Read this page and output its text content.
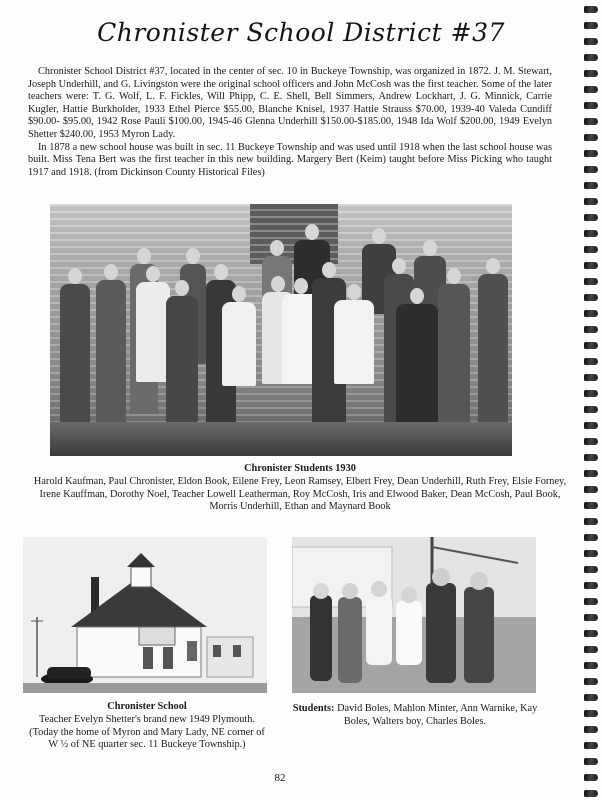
Chronister School District #37

Chronister School District #37, located in the center of sec. 10 in Buckeye Township, was organized in 1872. J. M. Stewart, Joseph Underhill, and G. Livingston were the original school officers and John McCosh was the first teacher. Some of the later teachers were: T. G. Wolf, L. F. Fickles, Will Phipp, C. E. Shell, Bell Simmers, Andrew Lockhart, J. G. Minnick, Carrie Kugler, Hattie Burkholder, 1933 Ethel Pierce $55.00, Blanche Knisel, 1937 Hattie Strauss $70.00, 1939-40 Valeda Cundiff $90.00- $95.00, 1942 Rose Pauli $100.00, 1945-46 Glenna Underhill $150.00-$185.00, 1948 Ida Wolf $200.00, 1949 Evelyn Shetter $240.00, 1953 Myron Lady.

In 1878 a new school house was built in sec. 11 Buckeye Township and was used until 1918 when the last school house was built. Miss Tena Bert was the first teacher in this new building. Margery Bert (Keim) taught before Miss Picking who taught 1917 and 1918. (from Dickinson County Historical Files)

Chronister Students 1930
Harold Kaufman, Paul Chronister, Eldon Book, Eilene Frey, Leon Ramsey, Elbert Frey, Dean Underhill, Ruth Frey, Elsie Forney, Irene Kauffman, Dorothy Noel, Teacher Lowell Leatherman, Roy McCosh, Iris and Elwood Baker, Dean McCosh, Paul Book, Morris Underhill, Ethan and Maynard Book
Chronister School
Teacher Evelyn Shetter's brand new 1949 Plymouth. (Today the home of Myron and Mary Lady, NE corner of W ½ of NE quarter sec. 11 Buckeye Township.)
Students: David Boles, Mahlon Minter, Ann Warnike, Kay Boles, Walters boy, Charles Boles.
82
